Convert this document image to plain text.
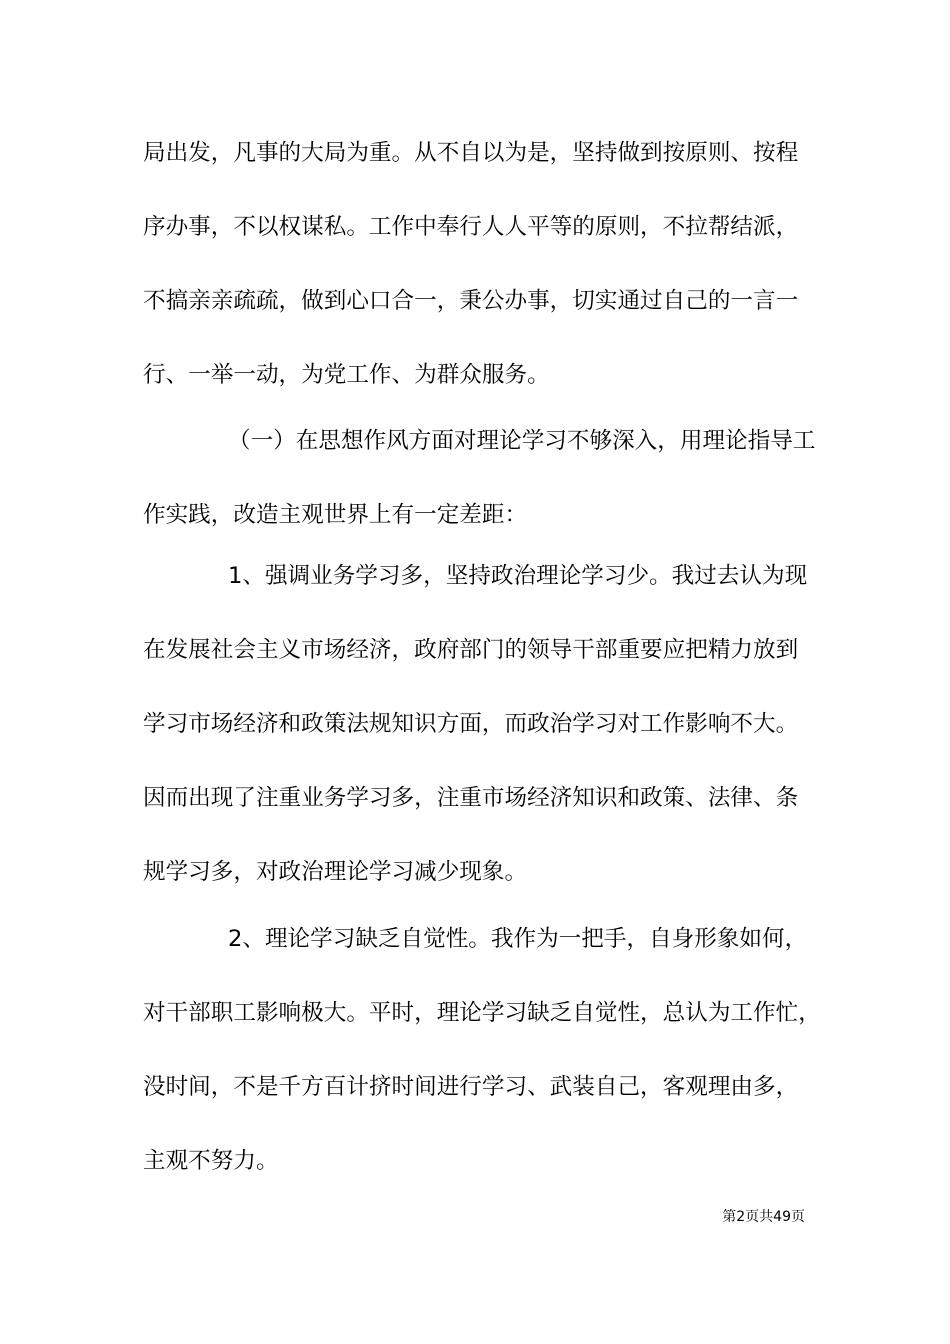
局出发，凡事的大局为重。从不自以为是，坚持做到按原则、按程
序办事，不以权谋私。工作中奉行人人平等的原则，不拉帮结派，
不搞亲亲疏疏，做到心口合一，秉公办事，切实通过自己的一言一
行、一举一动，为党工作、为群众服务。
（一）在思想作风方面对理论学习不够深入，用理论指导工
作实践，改造主观世界上有一定差距：
1、强调业务学习多，坚持政治理论学习少。我过去认为现
在发展社会主义市场经济，政府部门的领导干部重要应把精力放到
学习市场经济和政策法规知识方面，而政治学习对工作影响不大。
因而出现了注重业务学习多，注重市场经济知识和政策、法律、条
规学习多，对政治理论学习减少现象。
2、理论学习缺乏自觉性。我作为一把手，自身形象如何，
对干部职工影响极大。平时，理论学习缺乏自觉性，总认为工作忙，
没时间，不是千方百计挤时间进行学习、武装自己，客观理由多，
主观不努力。
第2页共49页
